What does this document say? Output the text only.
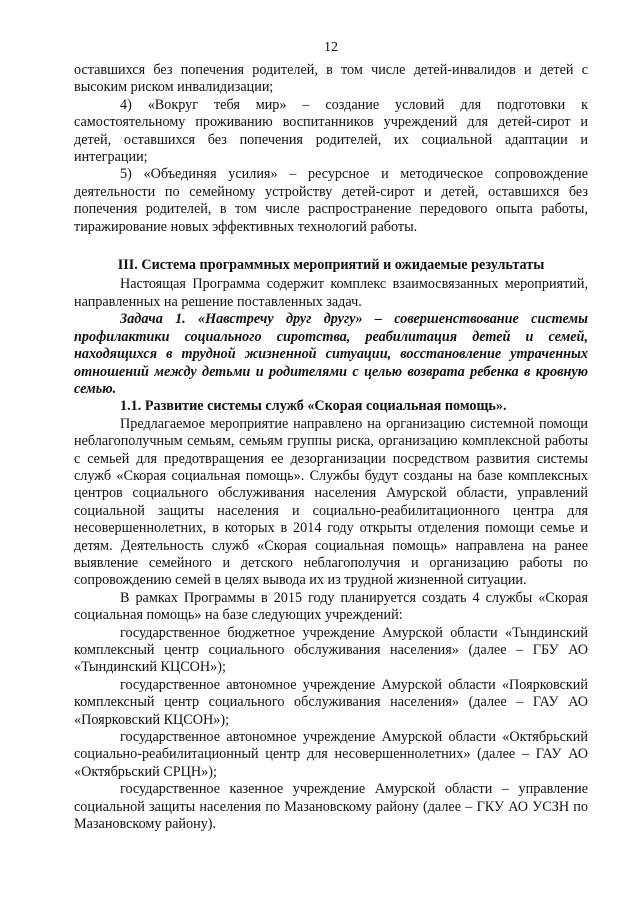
12

оставшихся без попечения родителей, в том числе детей-инвалидов и детей с высоким риском инвалидизации;

4) «Вокруг тебя мир» – создание условий для подготовки к самостоятельному проживанию воспитанников учреждений для детей-сирот и детей, оставшихся без попечения родителей, их социальной адаптации и интеграции;

5) «Объединяя усилия» – ресурсное и методическое сопровождение деятельности по семейному устройству детей-сирот и детей, оставшихся без попечения родителей, в том числе распространение передового опыта работы, тиражирование новых эффективных технологий работы.

III. Система программных мероприятий и ожидаемые результаты

Настоящая Программа содержит комплекс взаимосвязанных мероприятий, направленных на решение поставленных задач.

Задача 1. «Навстречу друг другу» – совершенствование системы профилактики социального сиротства, реабилитация детей и семей, находящихся в трудной жизненной ситуации, восстановление утраченных отношений между детьми и родителями с целью возврата ребенка в кровную семью.

1.1. Развитие системы служб «Скорая социальная помощь».

Предлагаемое мероприятие направлено на организацию системной помощи неблагополучным семьям, семьям группы риска, организацию комплексной работы с семьей для предотвращения ее дезорганизации посредством развития системы служб «Скорая социальная помощь». Службы будут созданы на базе комплексных центров социального обслуживания населения Амурской области, управлений социальной защиты населения и социально-реабилитационного центра для несовершеннолетних, в которых в 2014 году открыты отделения помощи семье и детям. Деятельность служб «Скорая социальная помощь» направлена на ранее выявление семейного и детского неблагополучия и организацию работы по сопровождению семей в целях вывода их из трудной жизненной ситуации.

В рамках Программы в 2015 году планируется создать 4 службы «Скорая социальная помощь» на базе следующих учреждений:

государственное бюджетное учреждение Амурской области «Тындинский комплексный центр социального обслуживания населения» (далее – ГБУ АО «Тындинский КЦСОН»);

государственное автономное учреждение Амурской области «Поярковский комплексный центр социального обслуживания населения» (далее – ГАУ АО «Поярковский КЦСОН»);

государственное автономное учреждение Амурской области «Октябрьский социально-реабилитационный центр для несовершеннолетних» (далее – ГАУ АО «Октябрьский СРЦН»);

государственное казенное учреждение Амурской области – управление социальной защиты населения по Мазановскому району (далее – ГКУ АО УСЗН по Мазановскому району).
